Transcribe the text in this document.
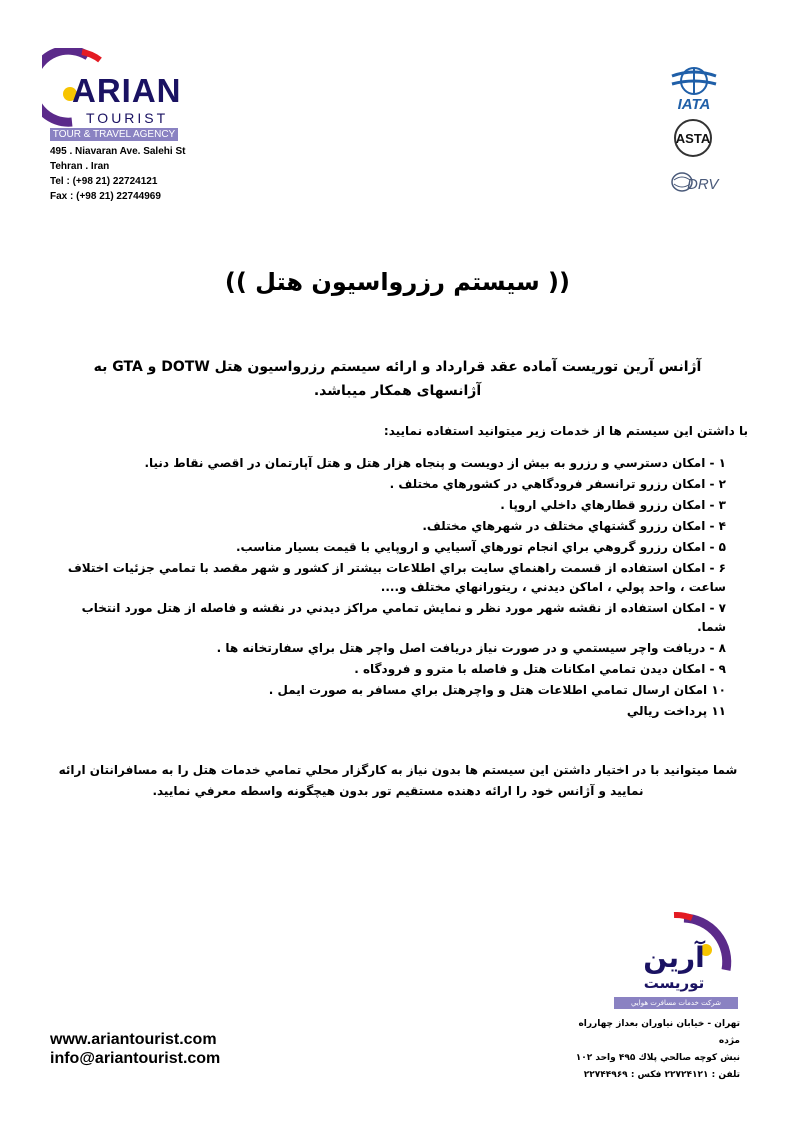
ARIAN
TOURIST
TOUR & TRAVEL AGENCY
495 . Niavaran Ave. Salehi St
Tehran . Iran
Tel : (+98 21) 22724121
Fax : (+98 21) 22744969
IATA
ASTA
DRV
(( سيستم رزرواسيون هتل ))
آژانس آرين توريست آماده عقد قرارداد و ارائه سيستم رزرواسيون هتل DOTW و GTA به آژانسهای همکار ميباشد.
با داشتن اين سيستم ها از خدمات زير ميتوانيد استفاده نماييد:
١ - امكان دسترسي و رزرو به بيش از دويست و پنجاه هزار هتل و هتل آپارتمان در اقصي نقاط دنيا.
٢ - امكان رزرو ترانسفر فرودگاهي در كشورهاي مختلف .
٣ - امكان رزرو قطارهاي داخلي اروپا .
۴ - امكان رزرو گشتهاي مختلف در شهرهاي مختلف.
۵ - امكان رزرو گروهي براي انجام تورهاي آسيايي و اروپايي با قيمت بسيار مناسب.
۶ - امكان استفاده از قسمت راهنماي سايت براي اطلاعات بيشتر از كشور و شهر مقصد با تمامي جزئيات اختلاف ساعت ، واحد پولي ، اماكن ديدني ، ريتورانهاي مختلف و....
٧ - امكان استفاده از نقشه شهر مورد نظر و نمايش تمامي مراكز ديدني در نقشه و فاصله از هتل مورد انتخاب شما.
٨ - دريافت واچر سيستمي و در صورت نياز دريافت اصل واچر هتل براي سفارتخانه ها .
٩ - امكان ديدن تمامي امكانات هتل و فاصله با مترو و فرودگاه .
١٠ امكان ارسال تمامي اطلاعات هتل و واچرهتل براي مسافر به صورت ايمل .
١١ پرداخت ريالي
شما ميتوانيد با در اختيار داشتن اين سيستم ها بدون نياز به كارگزار محلي تمامي خدمات هتل را به مسافرانتان ارائه نماييد و آژانس خود را ارائه دهنده مستقيم تور بدون هيچگونه واسطه معرفي نماييد.
www.ariantourist.com
info@ariantourist.com
آرين
توريست
شركت خدمات مسافرت هوايي وگردشگري
تهران - خيابان نياوران بعداز چهارراه مژده
نبش كوچه صالحي پلاك ۴۹۵ واحد ۱۰۲
تلفن : ٢٢٧٢۴١٢١ فكس : ٢٢٧۴۴٩۶٩
